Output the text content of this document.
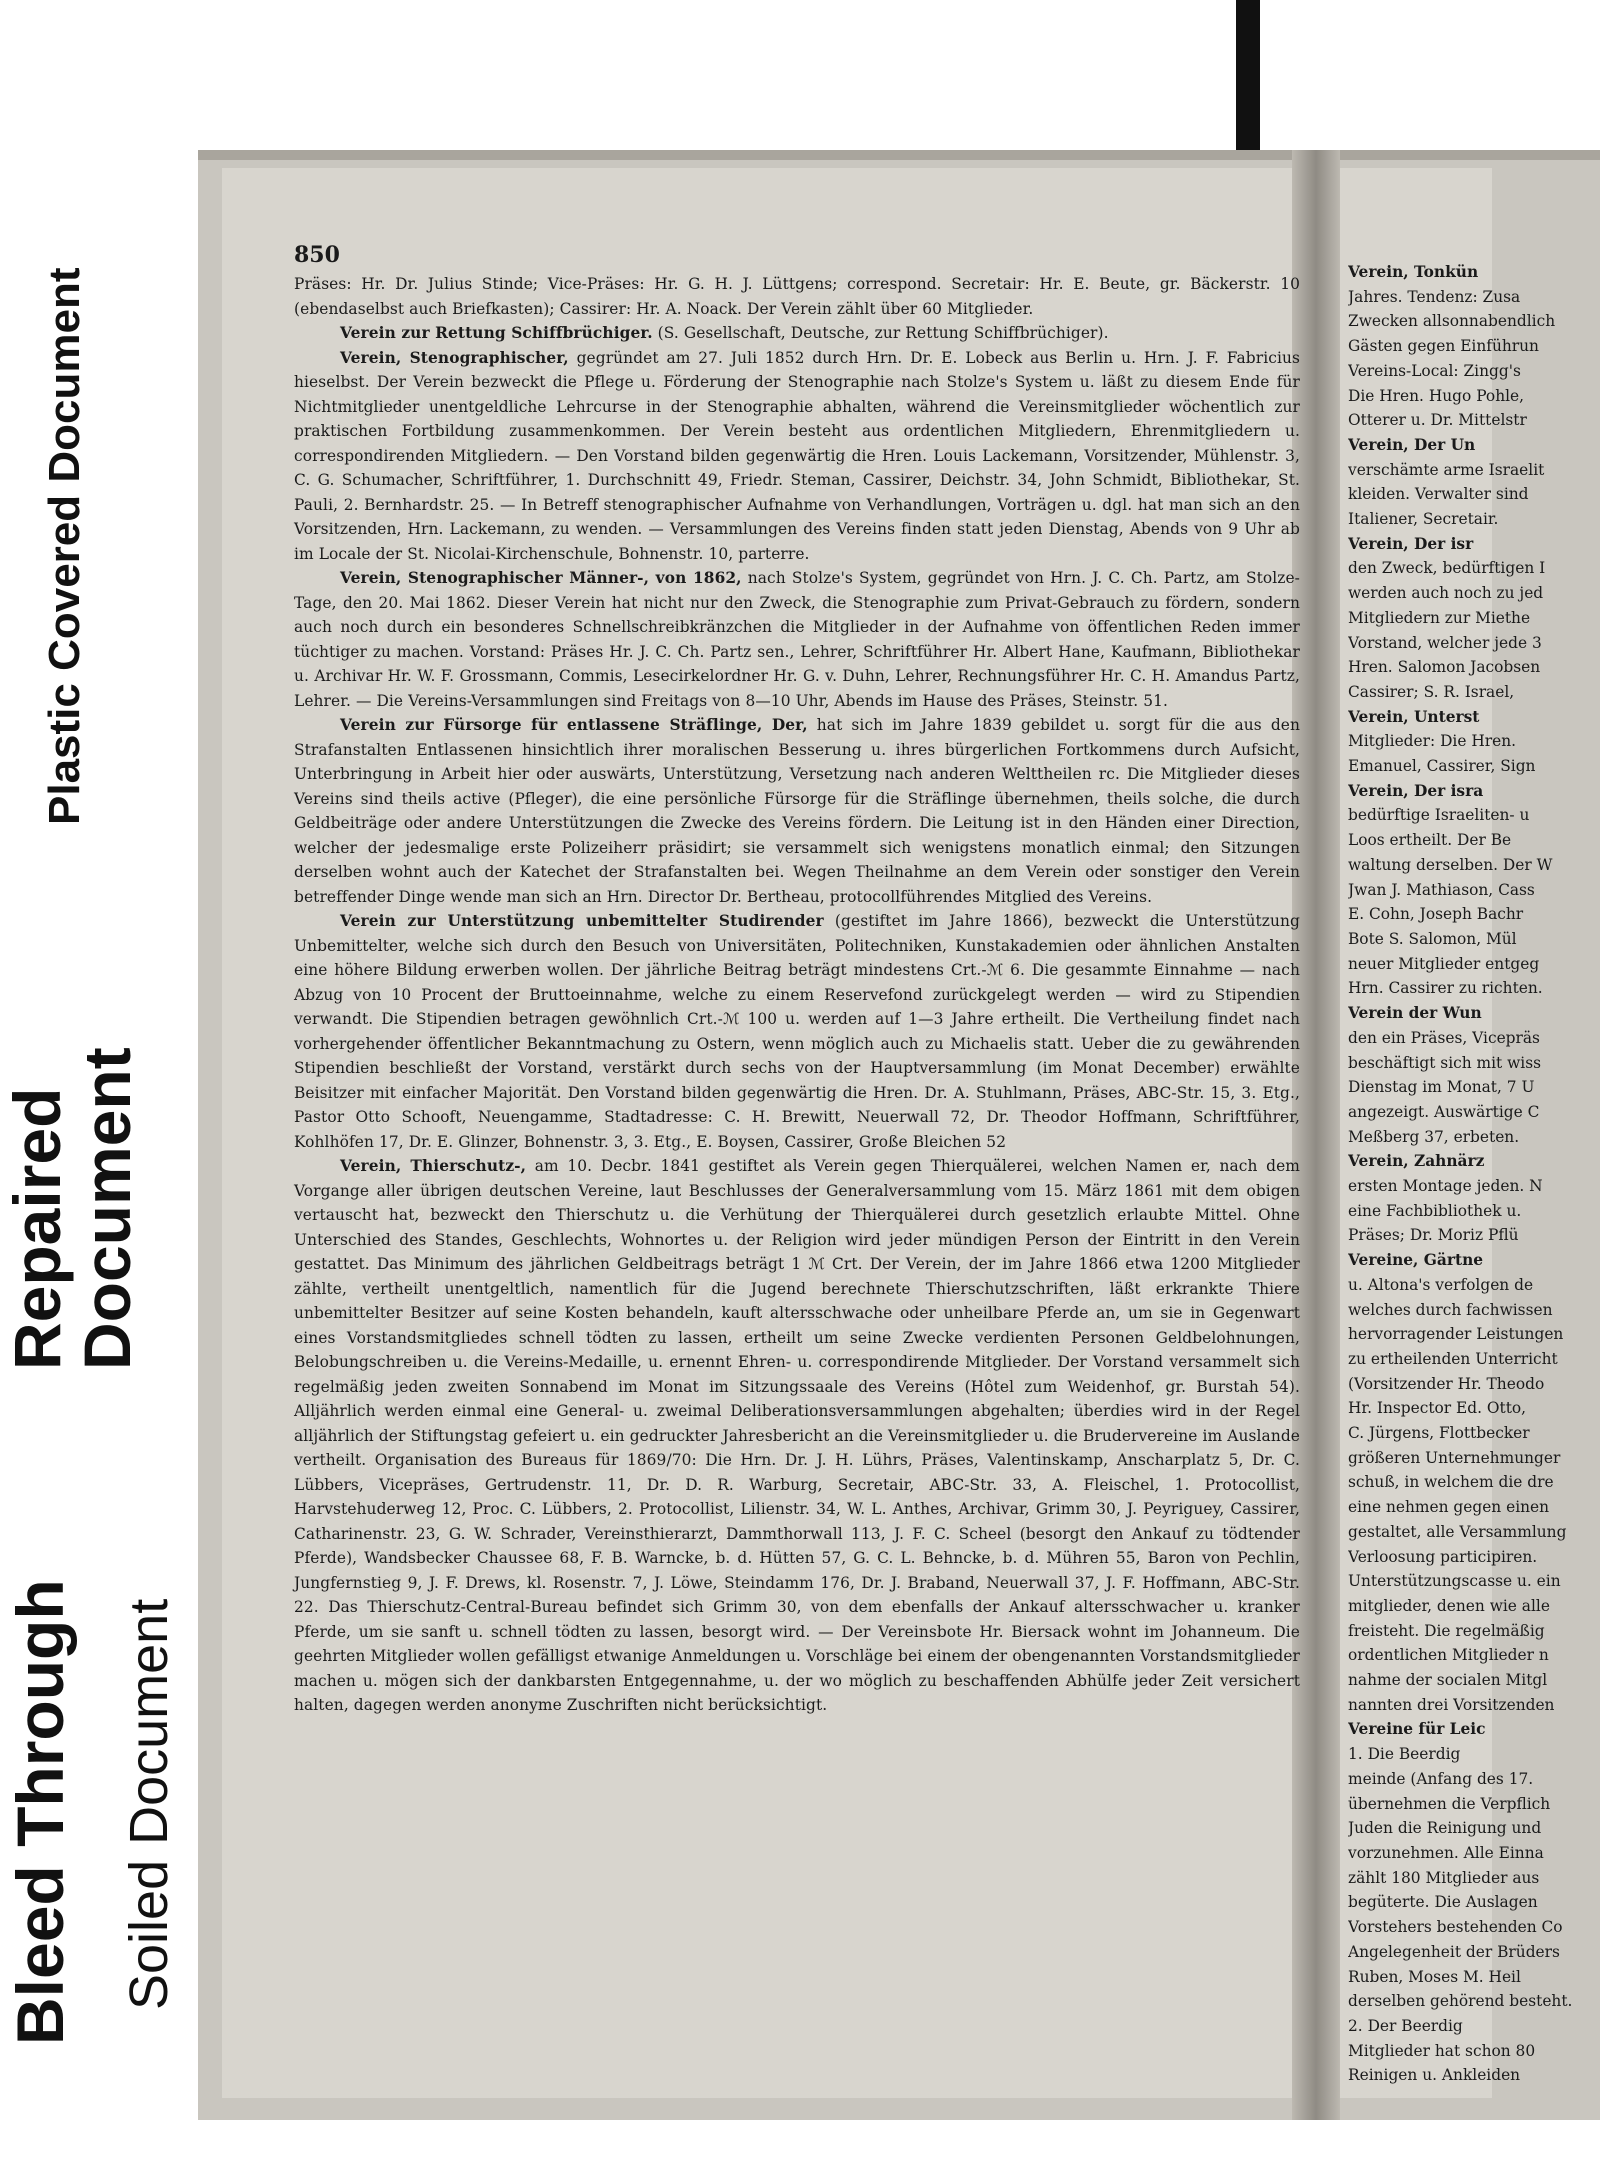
Plastic Covered Document
Repaired
Document
Bleed Through Soiled Document
850

Präses: Hr. Dr. Julius Stinde; Vice-Präses: Hr. G. H. J. Lüttgens; correspond. Secretair: Hr. E. Beute, gr. Bäckerstr. 10 (ebendaselbst auch Briefkasten); Cassirer: Hr. A. Noack. Der Verein zählt über 60 Mitglieder.

Verein zur Rettung Schiffbrüchiger. (S. Gesellschaft, Deutsche, zur Rettung Schiffbrüchiger).

Verein, Stenographischer, gegründet am 27. Juli 1852 durch Hrn. Dr. E. Lobeck aus Berlin u. Hrn. J. F. Fabricius hieselbst. Der Verein bezweckt die Pflege u. Förderung der Stenographie nach Stolze's System u. läßt zu diesem Ende für Nichtmitglieder unentgeldliche Lehrcurse in der Stenographie abhalten, während die Vereinsmitglieder wöchentlich zur praktischen Fortbildung zusammenkommen. Der Verein besteht aus ordentlichen Mitgliedern, Ehrenmitgliedern u. correspondirenden Mitgliedern. — Den Vorstand bilden gegenwärtig die Hren. Louis Lackemann, Vorsitzender, Mühlenstr. 3, C. G. Schumacher, Schriftführer, 1. Durchschnitt 49, Friedr. Steman, Cassirer, Deichstr. 34, John Schmidt, Bibliothekar, St. Pauli, 2. Bernhardstr. 25. — In Betreff stenographischer Aufnahme von Verhandlungen, Vorträgen u. dgl. hat man sich an den Vorsitzenden, Hrn. Lackemann, zu wenden. — Versammlungen des Vereins finden statt jeden Dienstag, Abends von 9 Uhr ab im Locale der St. Nicolai-Kirchenschule, Bohnenstr. 10, parterre.

Verein, Stenographischer Männer-, von 1862, nach Stolze's System, gegründet von Hrn. J. C. Ch. Partz, am Stolze-Tage, den 20. Mai 1862. Dieser Verein hat nicht nur den Zweck, die Stenographie zum Privat-Gebrauch zu fördern, sondern auch noch durch ein besonderes Schnellschreibkränzchen die Mitglieder in der Aufnahme von öffentlichen Reden immer tüchtiger zu machen. Vorstand: Präses Hr. J. C. Ch. Partz sen., Lehrer, Schriftführer Hr. Albert Hane, Kaufmann, Bibliothekar u. Archivar Hr. W. F. Grossmann, Commis, Lesecirkelordner Hr. G. v. Duhn, Lehrer, Rechnungsführer Hr. C. H. Amandus Partz, Lehrer. — Die Vereins-Versammlungen sind Freitags von 8—10 Uhr, Abends im Hause des Präses, Steinstr. 51.

Verein zur Fürsorge für entlassene Sträflinge, Der, hat sich im Jahre 1839 gebildet u. sorgt für die aus den Strafanstalten Entlassenen hinsichtlich ihrer moralischen Besserung u. ihres bürgerlichen Fortkommens durch Aufsicht, Unterbringung in Arbeit hier oder auswärts, Unterstützung, Versetzung nach anderen Welttheilen rc. Die Mitglieder dieses Vereins sind theils active (Pfleger), die eine persönliche Fürsorge für die Sträflinge übernehmen, theils solche, die durch Geldbeiträge oder andere Unterstützungen die Zwecke des Vereins fördern. Die Leitung ist in den Händen einer Direction, welcher der jedesmalige erste Polizeiherr präsidirt; sie versammelt sich wenigstens monatlich einmal; den Sitzungen derselben wohnt auch der Katechet der Strafanstalten bei. Wegen Theilnahme an dem Verein oder sonstiger den Verein betreffender Dinge wende man sich an Hrn. Director Dr. Bertheau, protocollführendes Mitglied des Vereins.

Verein zur Unterstützung unbemittelter Studirender (gestiftet im Jahre 1866), bezweckt die Unterstützung Unbemittelter, welche sich durch den Besuch von Universitäten, Politechniken, Kunstakademien oder ähnlichen Anstalten eine höhere Bildung erwerben wollen. Der jährliche Beitrag beträgt mindestens Crt.-ℳ 6. Die gesammte Einnahme — nach Abzug von 10 Procent der Bruttoeinnahme, welche zu einem Reservefond zurückgelegt werden — wird zu Stipendien verwandt. Die Stipendien betragen gewöhnlich Crt.-ℳ 100 u. werden auf 1—3 Jahre ertheilt. Die Vertheilung findet nach vorhergehender öffentlicher Bekanntmachung zu Ostern, wenn möglich auch zu Michaelis statt. Ueber die zu gewährenden Stipendien beschließt der Vorstand, verstärkt durch sechs von der Hauptversammlung (im Monat December) erwählte Beisitzer mit einfacher Majorität. Den Vorstand bilden gegenwärtig die Hren. Dr. A. Stuhlmann, Präses, ABC-Str. 15, 3. Etg., Pastor Otto Schooft, Neuengamme, Stadtadresse: C. H. Brewitt, Neuerwall 72, Dr. Theodor Hoffmann, Schriftführer, Kohlhöfen 17, Dr. E. Glinzer, Bohnenstr. 3, 3. Etg., E. Boysen, Cassirer, Große Bleichen 52

Verein, Thierschutz-, am 10. Decbr. 1841 gestiftet als Verein gegen Thierquälerei, welchen Namen er, nach dem Vorgange aller übrigen deutschen Vereine, laut Beschlusses der Generalversammlung vom 15. März 1861 mit dem obigen vertauscht hat, bezweckt den Thierschutz u. die Verhütung der Thierquälerei durch gesetzlich erlaubte Mittel. Ohne Unterschied des Standes, Geschlechts, Wohnortes u. der Religion wird jeder mündigen Person der Eintritt in den Verein gestattet. Das Minimum des jährlichen Geldbeitrags beträgt 1 ℳ Crt. Der Verein, der im Jahre 1866 etwa 1200 Mitglieder zählte, vertheilt unentgeltlich, namentlich für die Jugend berechnete Thierschutzschriften, läßt erkrankte Thiere unbemittelter Besitzer auf seine Kosten behandeln, kauft altersschwache oder unheilbare Pferde an, um sie in Gegenwart eines Vorstandsmitgliedes schnell tödten zu lassen, ertheilt um seine Zwecke verdienten Personen Geldbelohnungen, Belobungschreiben u. die Vereins-Medaille, u. ernennt Ehren- u. correspondirende Mitglieder. Der Vorstand versammelt sich regelmäßig jeden zweiten Sonnabend im Monat im Sitzungssaale des Vereins (Hôtel zum Weidenhof, gr. Burstah 54). Alljährlich werden einmal eine General- u. zweimal Deliberationsversammlungen abgehalten; überdies wird in der Regel alljährlich der Stiftungstag gefeiert u. ein gedruckter Jahresbericht an die Vereinsmitglieder u. die Brudervereine im Auslande vertheilt. Organisation des Bureaus für 1869/70: Die Hrn. Dr. J. H. Lührs, Präses, Valentinskamp, Anscharplatz 5, Dr. C. Lübbers, Vicepräses, Gertrudenstr. 11, Dr. D. R. Warburg, Secretair, ABC-Str. 33, A. Fleischel, 1. Protocollist, Harvstehuderweg 12, Proc. C. Lübbers, 2. Protocollist, Lilienstr. 34, W. L. Anthes, Archivar, Grimm 30, J. Peyriguey, Cassirer, Catharinenstr. 23, G. W. Schrader, Vereinsthierarzt, Dammthorwall 113, J. F. C. Scheel (besorgt den Ankauf zu tödtender Pferde), Wandsbecker Chaussee 68, F. B. Warncke, b. d. Hütten 57, G. C. L. Behncke, b. d. Mühren 55, Baron von Pechlin, Jungfernstieg 9, J. F. Drews, kl. Rosenstr. 7, J. Löwe, Steindamm 176, Dr. J. Braband, Neuerwall 37, J. F. Hoffmann, ABC-Str. 22. Das Thierschutz-Central-Bureau befindet sich Grimm 30, von dem ebenfalls der Ankauf altersschwacher u. kranker Pferde, um sie sanft u. schnell tödten zu lassen, besorgt wird. — Der Vereinsbote Hr. Biersack wohnt im Johanneum. Die geehrten Mitglieder wollen gefälligst etwanige Anmeldungen u. Vorschläge bei einem der obengenannten Vorstandsmitglieder machen u. mögen sich der dankbarsten Entgegennahme, u. der wo möglich zu beschaffenden Abhülfe jeder Zeit versichert halten, dagegen werden anonyme Zuschriften nicht berücksichtigt.

Verein, Tonkün
Jahres. Tendenz: Zusa
Zwecken allsonnabendlich
Gästen gegen Einführun
Vereins-Local: Zingg's
Die Hren. Hugo Pohle,
Otterer u. Dr. Mittelstr
Verein, Der Un
verschämte arme Israelit
kleiden. Verwalter sind
Italiener, Secretair.
Verein, Der isr
den Zweck, bedürftigen I
werden auch noch zu jed
Mitgliedern zur Miethe
Vorstand, welcher jede 3
Hren. Salomon Jacobsen
Cassirer; S. R. Israel,
Verein, Unterst
Mitglieder: Die Hren.
Emanuel, Cassirer, Sign
Verein, Der isra
bedürftige Israeliten- u
Loos ertheilt. Der Be
waltung derselben. Der W
Jwan J. Mathiason, Cass
E. Cohn, Joseph Bachr
Bote S. Salomon, Mül
neuer Mitglieder entgeg
Hrn. Cassirer zu richten.
Verein der Wun
den ein Präses, Vicepräs
beschäftigt sich mit wiss
Dienstag im Monat, 7 U
angezeigt. Auswärtige C
Meßberg 37, erbeten.
Verein, Zahnärz
ersten Montage jeden. N
eine Fachbibliothek u.
Präses; Dr. Moriz Pflü
Vereine, Gärtne
u. Altona's verfolgen de
welches durch fachwissen
hervorragender Leistungen
zu ertheilenden Unterricht
(Vorsitzender Hr. Theodo
Hr. Inspector Ed. Otto,
C. Jürgens, Flottbecker
größeren Unternehmunger
schuß, in welchem die dre
eine nehmen gegen einen
gestaltet, alle Versammlung
Verloosung participiren.
Unterstützungscasse u. ein
mitglieder, denen wie alle
freisteht. Die regelmäßig
ordentlichen Mitglieder n
nahme der socialen Mitgl
nannten drei Vorsitzenden
Vereine für Leic
1. Die Beerdig
meinde (Anfang des 17.
übernehmen die Verpflich
Juden die Reinigung und
vorzunehmen. Alle Einna
zählt 180 Mitglieder aus
begüterte. Die Auslagen
Vorstehers bestehenden Co
Angelegenheit der Brüders
Ruben, Moses M. Heil
derselben gehörend besteht.
2. Der Beerdig
Mitglieder hat schon 80
Reinigen u. Ankleiden
